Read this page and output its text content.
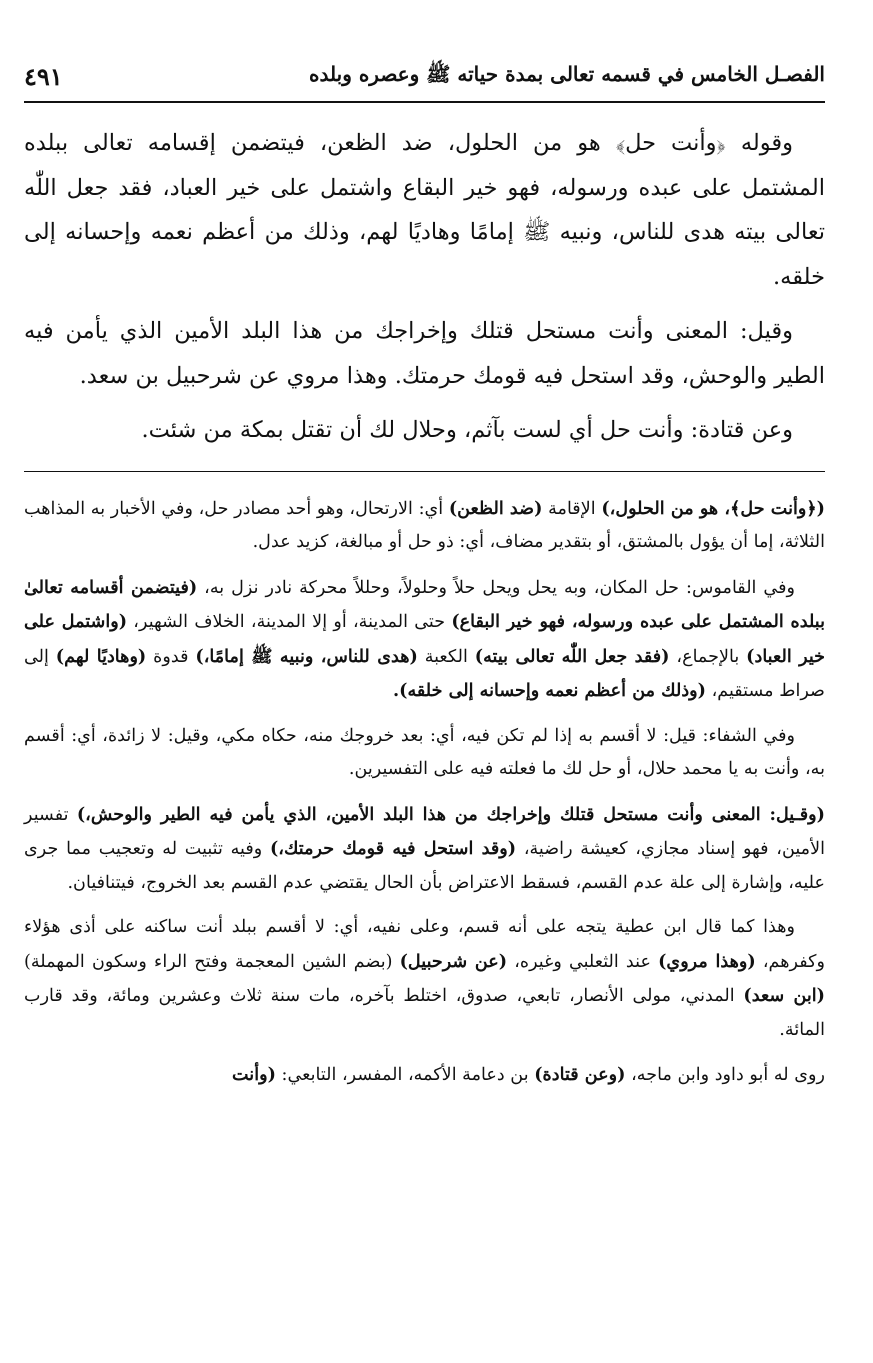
٤٩١	الفصـل الخامس في قسمه تعالى بمدة حياته ﷺ وعصره وبلده

وقوله ﴿وأنت حل﴾ هو من الحلول، ضد الظعن، فيتضمن إقسامه تعالى ببلده المشتمل على عبده ورسوله، فهو خير البقاع واشتمل على خير العباد، فقد جعل اللّٰه تعالى بيته هدى للناس، ونبيه ﷺ إمامًا وهاديًا لهم، وذلك من أعظم نعمه وإحسانه إلى خلقه.

وقيل: المعنى وأنت مستحل قتلك وإخراجك من هذا البلد الأمين الذي يأمن فيه الطير والوحش، وقد استحل فيه قومك حرمتك. وهذا مروي عن شرحبيل بن سعد.

وعن قتادة: وأنت حل أي لست بآثم، وحلال لك أن تقتل بمكة من شئت.

(﴿وأنت حل﴾، هو من الحلول،) الإقامة (ضد الظعن) أي: الارتحال، وهو أحد مصادر حل، وفي الأخبار به المذاهب الثلاثة، إما أن يؤول بالمشتق، أو بتقدير مضاف، أي: ذو حل أو مبالغة، كزيد عدل.

وفي القاموس: حل المكان، وبه يحل ويحل حلاً وحلولاً، وحللاً محركة نادر نزل به، (فيتضمن أقسامه تعالىٰ ببلده المشتمل على عبده ورسوله، فهو خير البقاع) حتى المدينة، أو إلا المدينة، الخلاف الشهير، (واشتمل على خير العباد) بالإجماع، (فقد جعل اللّٰه تعالى بيته) الكعبة (هدى للناس، ونبيه ﷺ إمامًا،) قدوة (وهاديًا لهم) إلى صراط مستقيم، (وذلك من أعظم نعمه وإحسانه إلى خلقه).

وفي الشفاء: قيل: لا أقسم به إذا لم تكن فيه، أي: بعد خروجك منه، حكاه مكي، وقيل: لا زائدة، أي: أقسم به، وأنت به يا محمد حلال، أو حل لك ما فعلته فيه على التفسيرين.

(وقـيل: المعنى وأنت مستحل قتلك وإخراجك من هذا البلد الأمين، الذي يأمن فيه الطير والوحش،) تفسير الأمين، فهو إسناد مجازي، كعيشة راضية، (وقد استحل فيه قومك حرمتك،) وفيه تثبيت له وتعجيب مما جرى عليه، وإشارة إلى علة عدم القسم، فسقط الاعتراض بأن الحال يقتضي عدم القسم بعد الخروج، فيتنافيان.

وهذا كما قال ابن عطية يتجه على أنه قسم، وعلى نفيه، أي: لا أقسم ببلد أنت ساكنه على أذى هؤلاء وكفرهم، (وهذا مروي) عند الثعلبي وغيره، (عن شرحبيل) (بضم الشين المعجمة وفتح الراء وسكون المهملة) (ابن سعد) المدني، مولى الأنصار، تابعي، صدوق، اختلط بآخره، مات سنة ثلاث وعشرين ومائة، وقد قارب المائة.

روى له أبو داود وابن ماجه، (وعن قتادة) بن دعامة الأكمه، المفسر، التابعي: (وأنت
